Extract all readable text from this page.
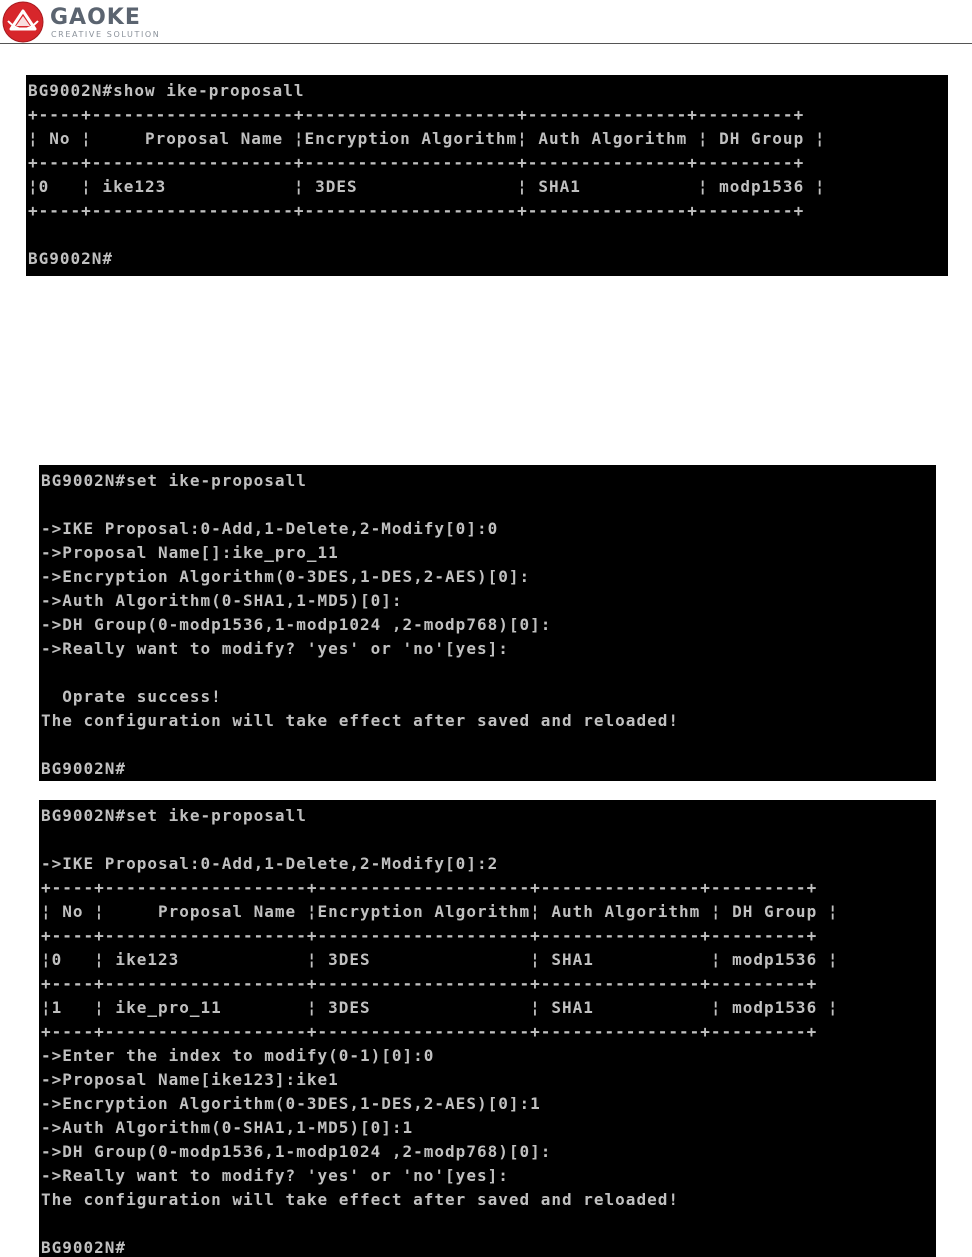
GAOKE
CREATIVE SOLUTION
BG9002N#show ike-proposall
+----+-------------------+--------------------+---------------+---------+
¦ No ¦     Proposal Name ¦Encryption Algorithm¦ Auth Algorithm ¦ DH Group ¦
+----+-------------------+--------------------+---------------+---------+
¦0   ¦ ike123            ¦ 3DES               ¦ SHA1           ¦ modp1536 ¦
+----+-------------------+--------------------+---------------+---------+
BG9002N#
BG9002N#set ike-proposall
->IKE Proposal:0-Add,1-Delete,2-Modify[0]:0
->Proposal Name[]:ike_pro_11
->Encryption Algorithm(0-3DES,1-DES,2-AES)[0]:
->Auth Algorithm(0-SHA1,1-MD5)[0]:
->DH Group(0-modp1536,1-modp1024 ,2-modp768)[0]:
->Really want to modify? 'yes' or 'no'[yes]:
Oprate success!
The configuration will take effect after saved and reloaded!
BG9002N#
BG9002N#set ike-proposall
->IKE Proposal:0-Add,1-Delete,2-Modify[0]:2
+----+-------------------+--------------------+---------------+---------+
¦ No ¦     Proposal Name ¦Encryption Algorithm¦ Auth Algorithm ¦ DH Group ¦
+----+-------------------+--------------------+---------------+---------+
¦0   ¦ ike123            ¦ 3DES               ¦ SHA1           ¦ modp1536 ¦
+----+-------------------+--------------------+---------------+---------+
¦1   ¦ ike_pro_11        ¦ 3DES               ¦ SHA1           ¦ modp1536 ¦
+----+-------------------+--------------------+---------------+---------+
->Enter the index to modify(0-1)[0]:0
->Proposal Name[ike123]:ike1
->Encryption Algorithm(0-3DES,1-DES,2-AES)[0]:1
->Auth Algorithm(0-SHA1,1-MD5)[0]:1
->DH Group(0-modp1536,1-modp1024 ,2-modp768)[0]:
->Really want to modify? 'yes' or 'no'[yes]:
The configuration will take effect after saved and reloaded!
BG9002N#
